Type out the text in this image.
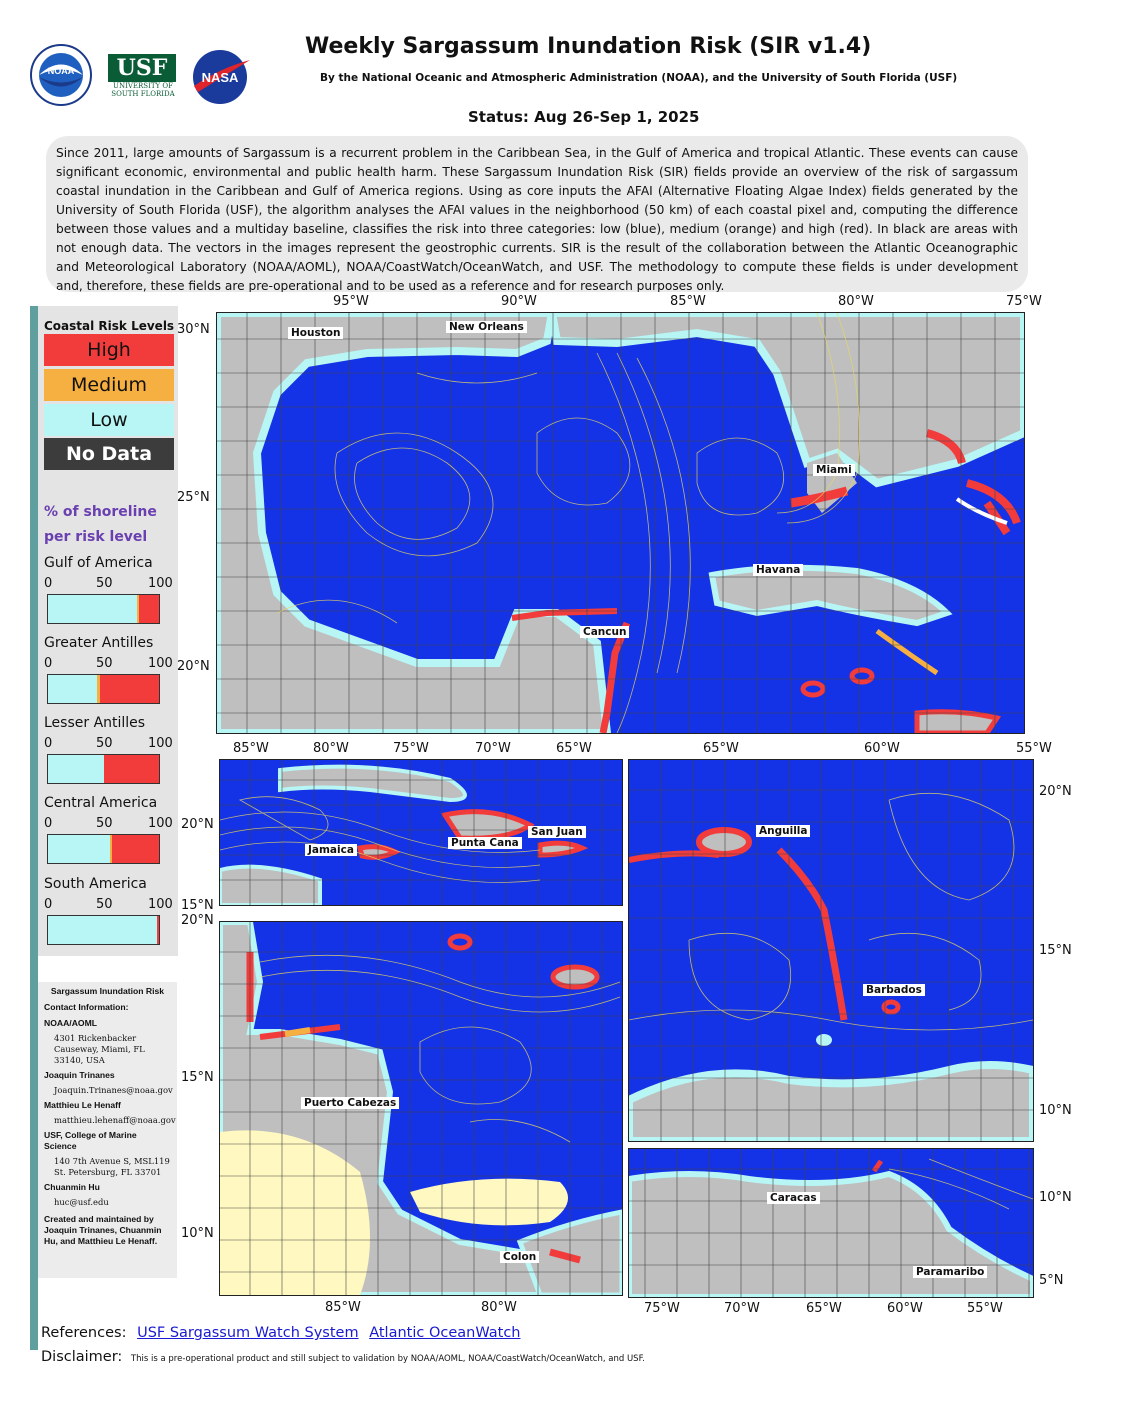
NOAA	USF
UNIVERSITY OF
SOUTH FLORIDA
NASA
Weekly Sargassum Inundation Risk (SIR v1.4)
By the National Oceanic and Atmospheric Administration (NOAA), and the University of South Florida (USF)
Status: Aug 26-Sep 1, 2025
Since 2011, large amounts of Sargassum is a recurrent problem in the Caribbean Sea, in the Gulf of America and tropical Atlantic. These events can cause significant economic, environmental and public health harm. These Sargassum Inundation Risk (SIR) fields provide an overview of the risk of sargassum coastal inundation in the Caribbean and Gulf of America regions. Using as core inputs the AFAI (Alternative Floating Algae Index) fields generated by the University of South Florida (USF), the algorithm analyses the AFAI values in the neighborhood (50 km) of each coastal pixel and, computing the difference between those values and a multiday baseline, classifies the risk into three categories: low (blue), medium (orange) and high (red). In black are areas with not enough data. The vectors in the images represent the geostrophic currents. SIR is the result of the collaboration between the Atlantic Oceanographic and Meteorological Laboratory (NOAA/AOML), NOAA/CoastWatch/OceanWatch, and USF. The methodology to compute these fields is under development and, therefore, these fields are pre-operational and to be used as a reference and for research purposes only.
Coastal Risk Levels
High
Medium
Low
No Data
% of shoreline
per risk level
Gulf of America
0	50	100
Greater Antilles
0	50	100
Lesser Antilles
0	50	100
Central America
0	50	100
South America
0	50	100
Sargassum Inundation Risk
Contact Information:
NOAA/AOML
4301 Rickenbacker Causeway, Miami, FL 33140, USA
Joaquin Trinanes
Joaquin.Trinanes@noaa.gov
Matthieu Le Henaff
matthieu.lehenaff@noaa.gov
USF, College of Marine Science
140 7th Avenue S, MSL119 St. Petersburg, FL 33701
Chuanmin Hu
huc@usf.edu
Created and maintained by Joaquin Trinanes, Chuanmin Hu, and Matthieu Le Henaff.
Houston	New Orleans
Miami
Havana
Cancun
Jamaica
Punta Cana
San Juan
Puerto Cabezas
Colon
Anguilla
Barbados
Caracas
Paramaribo
95°W	90°W	85°W	80°W	75°W
30°N
25°N
20°N
85°W	80°W	75°W	70°W	65°W
20°N
15°N
20°N
15°N
10°N
85°W	80°W
65°W	60°W	55°W
20°N
15°N
10°N
10°N
5°N
75°W	70°W	65°W	60°W	55°W
References: USF Sargassum Watch System Atlantic OceanWatch
Disclaimer: This is a pre-operational product and still subject to validation by NOAA/AOML, NOAA/CoastWatch/OceanWatch, and USF.
